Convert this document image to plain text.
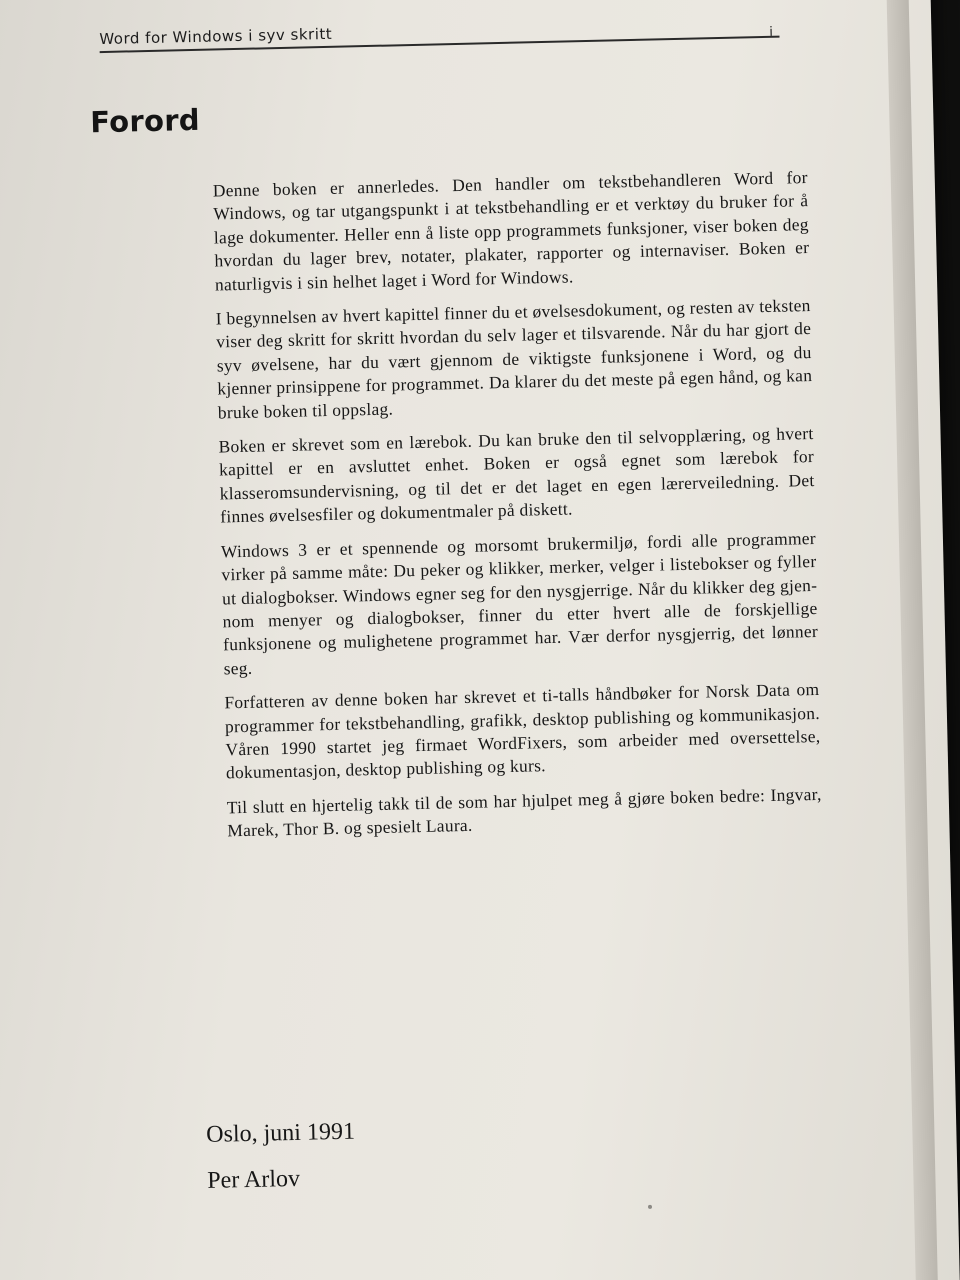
Word for Windows i syv skritt	i
Forord

Denne boken er annerledes. Den handler om tekstbehandleren Word for Windows, og tar utgangspunkt i at tekstbehandling er et verktøy du bruker for å lage dokumenter. Heller enn å liste opp programmets funksjoner, viser boken deg hvordan du lager brev, notater, plakater, rapporter og internaviser. Boken er naturligvis i sin helhet laget i Word for Windows.

I begynnelsen av hvert kapittel finner du et øvelsesdokument, og resten av teksten viser deg skritt for skritt hvordan du selv lager et tilsvarende. Når du har gjort de syv øvelsene, har du vært gjennom de viktigste funksjonene i Word, og du kjenner prinsippene for programmet. Da klarer du det meste på egen hånd, og kan bruke boken til oppslag.

Boken er skrevet som en lærebok. Du kan bruke den til selvopplæring, og hvert kapittel er en avsluttet enhet. Boken er også egnet som lærebok for klasseromsundervisning, og til det er det laget en egen lærerveiledning. Det finnes øvelsesfiler og dokumentmaler på diskett.

Windows 3 er et spennende og morsomt brukermiljø, fordi alle programmer virker på samme måte: Du peker og klikker, merker, velger i listebokser og fyller ut dialogbokser. Windows egner seg for den nysgjerrige. Når du klikker deg gjennom menyer og dialogbokser, finner du etter hvert alle de forskjellige funksjonene og mulighetene programmet har. Vær derfor nysgjerrig, det lønner seg.

Forfatteren av denne boken har skrevet et ti-talls håndbøker for Norsk Data om programmer for tekstbehandling, grafikk, desktop publishing og kommunikasjon. Våren 1990 startet jeg firmaet WordFixers, som arbeider med oversettelse, dokumentasjon, desktop publishing og kurs.

Til slutt en hjertelig takk til de som har hjulpet meg å gjøre boken bedre: Ingvar, Marek, Thor B. og spesielt Laura.

Oslo, juni 1991

Per Arlov
